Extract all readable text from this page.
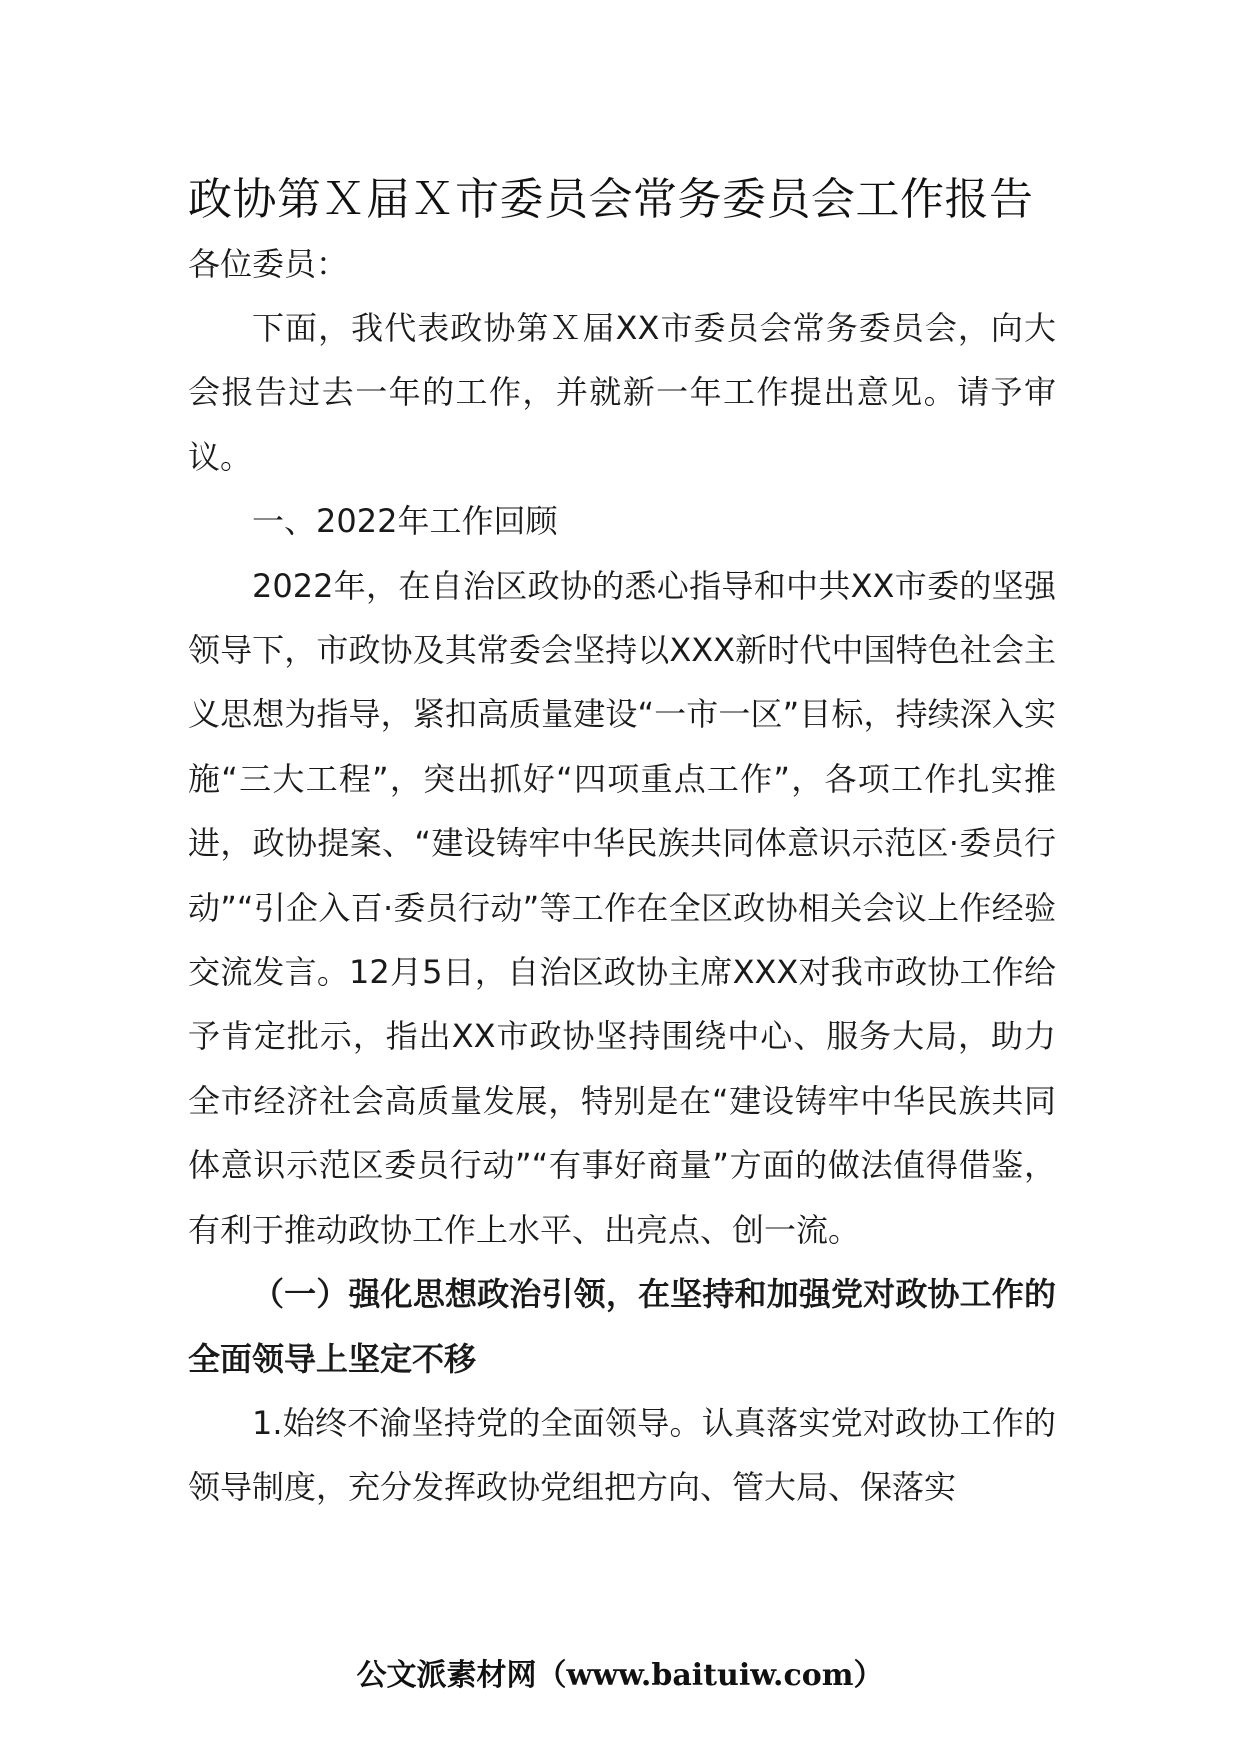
政协第Ｘ届Ｘ市委员会常务委员会工作报告

各位委员：

下面，我代表政协第Ｘ届XX市委员会常务委员会，向大会报告过去一年的工作，并就新一年工作提出意见。请予审议。

一、2022年工作回顾

2022年，在自治区政协的悉心指导和中共XX市委的坚强领导下，市政协及其常委会坚持以XXX新时代中国特色社会主义思想为指导，紧扣高质量建设“一市一区”目标，持续深入实施“三大工程”，突出抓好“四项重点工作”，各项工作扎实推进，政协提案、“建设铸牢中华民族共同体意识示范区·委员行动”“引企入百·委员行动”等工作在全区政协相关会议上作经验交流发言。12月5日，自治区政协主席XXX对我市政协工作给予肯定批示，指出XX市政协坚持围绕中心、服务大局，助力全市经济社会高质量发展，特别是在“建设铸牢中华民族共同体意识示范区委员行动”“有事好商量”方面的做法值得借鉴，有利于推动政协工作上水平、出亮点、创一流。

（一）强化思想政治引领，在坚持和加强党对政协工作的全面领导上坚定不移

1.始终不渝坚持党的全面领导。认真落实党对政协工作的领导制度，充分发挥政协党组把方向、管大局、保落实

公文派素材网（www.baituiw.com）
